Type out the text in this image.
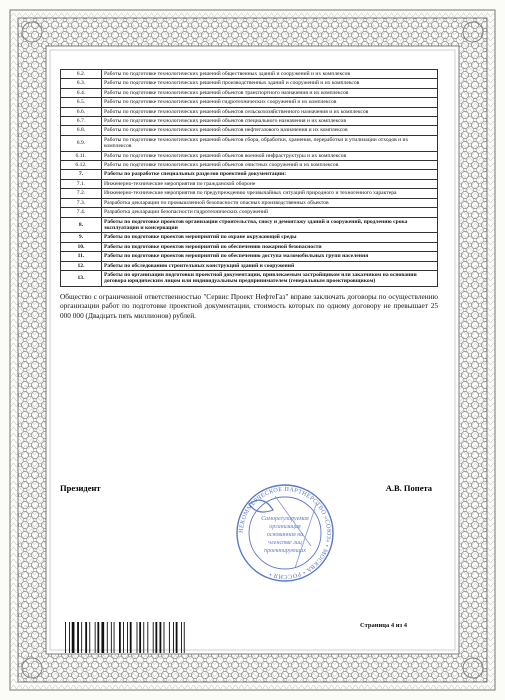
6.2.	Работы по подготовке технологических решений общественных зданий и сооружений и их комплексов
6.3.	Работы по подготовке технологических решений производственных зданий и сооружений и их комплексов
6.4.	Работы по подготовке технологических решений объектов транспортного назначения и их комплексов
6.5.	Работы по подготовке технологических решений гидротехнических сооружений и их комплексов
6.6.	Работы по подготовке технологических решений объектов сельскохозяйственного назначения и их комплексов
6.7.	Работы по подготовке технологических решений объектов специального назначения и их комплексов
6.8.	Работы по подготовке технологических решений объектов нефтегазового назначения и их комплексов
6.9.	Работы по подготовке технологических решений объектов сбора, обработки, хранения, переработки и утилизации отходов и их комплексов
6.11.	Работы по подготовке технологических решений объектов военной инфраструктуры и их комплексов
6.12.	Работы по подготовке технологических решений объектов очистных сооружений и их комплексов
7.	Работы по разработке специальных разделов проектной документации:
7.1.	Инженерно-технические мероприятия по гражданской обороне
7.2.	Инженерно-технические мероприятия по предупреждению чрезвычайных ситуаций природного и техногенного характера
7.3.	Разработка декларации по промышленной безопасности опасных производственных объектов
7.4.	Разработка декларации безопасности гидротехнических сооружений
8.	Работы по подготовке проектов организации строительства, сносу и демонтажу зданий и сооружений, продлению срока эксплуатации и консервации
9.	Работы по подготовке проектов мероприятий по охране окружающей среды
10.	Работы по подготовке проектов мероприятий по обеспечению пожарной безопасности
11.	Работы по подготовке проектов мероприятий по обеспечению доступа маломобильных групп населения
12.	Работы по обследованию строительных конструкций зданий и сооружений
13.	Работы по организации подготовки проектной документации, привлекаемым застройщиком или заказчиком на основании договора юридическим лицом или индивидуальным предпринимателем (генеральным проектировщиком)
Общество с ограниченной ответственностью "Сервис Проект НефтеГаз" вправе заключать договоры по осуществлению организации работ по подготовке проектной документации, стоимость которых по одному договору не превышает 25 000 000 (Двадцать пять миллионов) рублей.
Президент	А.В. Попета
НЕКОММЕРЧЕСКОЕ ПАРТНЕРСТВО «СОЮЗ» • МОСКВА • РОССИЯ •
Саморегулируемая
организация
основанная на
членстве лиц
проектирующих
Страница 4 из 4
